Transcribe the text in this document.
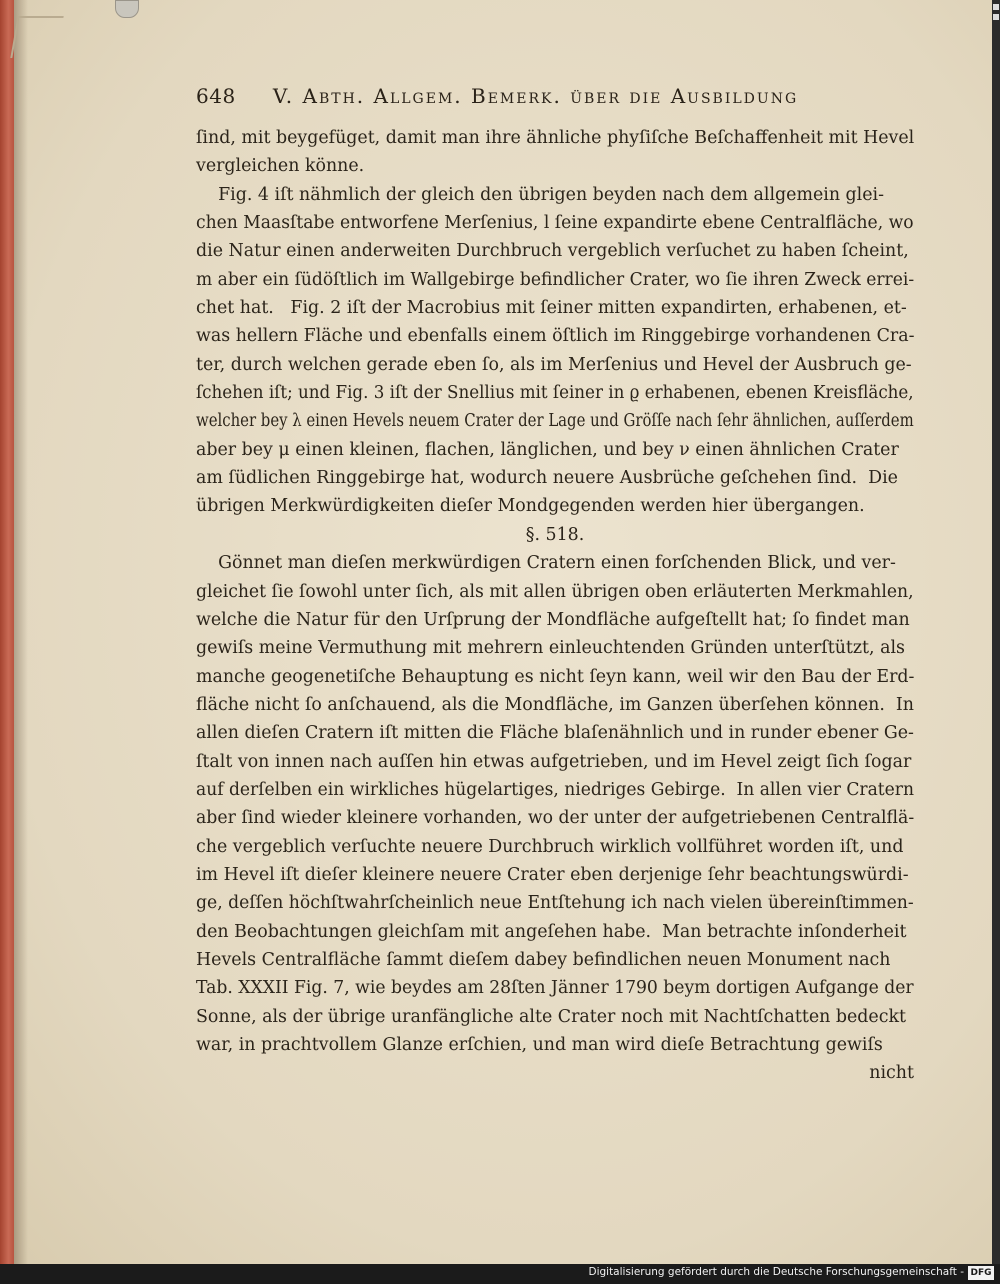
648 V. Abth. Allgem. Bemerk. über die Ausbildung
ſind, mit beygefüget, damit man ihre ähnliche phyſiſche Beſchaffenheit mit Hevel
vergleichen könne.
Fig. 4 iſt nähmlich der gleich den übrigen beyden nach dem allgemein glei-
chen Maasſtabe entworfene Merſenius, l ſeine expandirte ebene Centralfläche, wo
die Natur einen anderweiten Durchbruch vergeblich verſuchet zu haben ſcheint,
m aber ein ſüdöſtlich im Wallgebirge befindlicher Crater, wo ſie ihren Zweck errei-
chet hat.   Fig. 2 iſt der Macrobius mit ſeiner mitten expandirten, erhabenen, et-
was hellern Fläche und ebenfalls einem öſtlich im Ringgebirge vorhandenen Cra-
ter, durch welchen gerade eben ſo, als im Merſenius und Hevel der Ausbruch ge-
ſchehen iſt; und Fig. 3 iſt der Snellius mit ſeiner in ϱ erhabenen, ebenen Kreisfläche,
welcher bey λ einen Hevels neuem Crater der Lage und Gröſſe nach ſehr ähnlichen, auſſerdem
aber bey μ einen kleinen, flachen, länglichen, und bey ν einen ähnlichen Crater
am ſüdlichen Ringgebirge hat, wodurch neuere Ausbrüche geſchehen ſind.  Die
übrigen Merkwürdigkeiten dieſer Mondgegenden werden hier übergangen.
§. 518.
Gönnet man dieſen merkwürdigen Cratern einen forſchenden Blick, und ver-
gleichet ſie ſowohl unter ſich, als mit allen übrigen oben erläuterten Merkmahlen,
welche die Natur für den Urſprung der Mondfläche aufgeſtellt hat; ſo findet man
gewiſs meine Vermuthung mit mehrern einleuchtenden Gründen unterſtützt, als
manche geogenetiſche Behauptung es nicht ſeyn kann, weil wir den Bau der Erd-
fläche nicht ſo anſchauend, als die Mondfläche, im Ganzen überſehen können.  In
allen dieſen Cratern iſt mitten die Fläche blaſenähnlich und in runder ebener Ge-
ſtalt von innen nach auſſen hin etwas aufgetrieben, und im Hevel zeigt ſich ſogar
auf derſelben ein wirkliches hügelartiges, niedriges Gebirge.  In allen vier Cratern
aber ſind wieder kleinere vorhanden, wo der unter der aufgetriebenen Centralflä-
che vergeblich verſuchte neuere Durchbruch wirklich vollführet worden iſt, und
im Hevel iſt dieſer kleinere neuere Crater eben derjenige ſehr beachtungswürdi-
ge, deſſen höchſtwahrſcheinlich neue Entſtehung ich nach vielen übereinſtimmen-
den Beobachtungen gleichſam mit angeſehen habe.  Man betrachte inſonderheit
Hevels Centralfläche ſammt dieſem dabey befindlichen neuen Monument nach
Tab. XXXII Fig. 7, wie beydes am 28ſten Jänner 1790 beym dortigen Aufgange der
Sonne, als der übrige uranfängliche alte Crater noch mit Nachtſchatten bedeckt
war, in prachtvollem Glanze erſchien, und man wird dieſe Betrachtung gewiſs
nicht
Digitalisierung gefördert durch die Deutsche Forschungsgemeinschaft - DFG
